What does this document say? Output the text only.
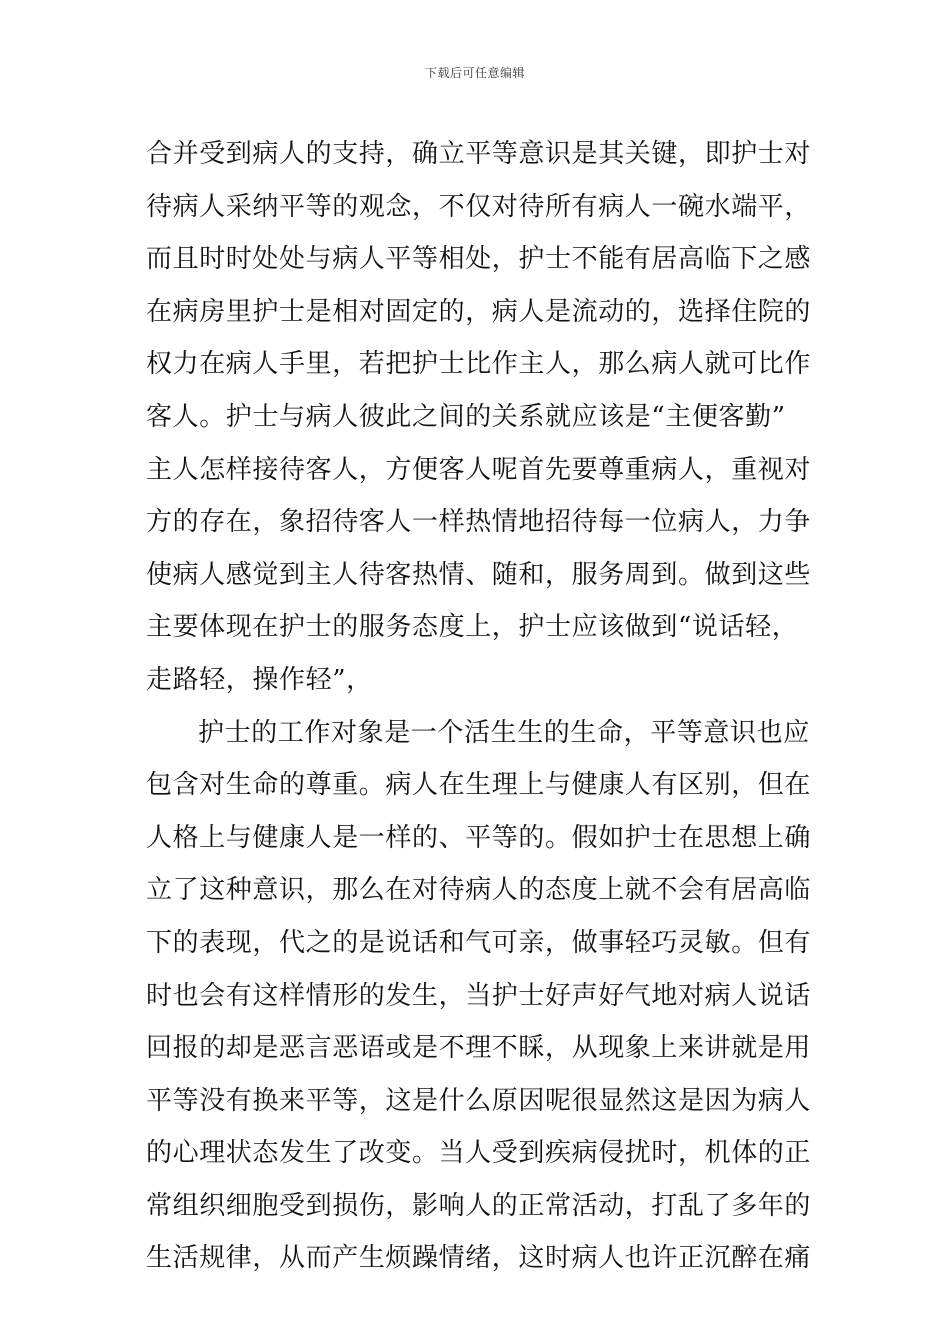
下载后可任意编辑
合并受到病人的支持，确立平等意识是其关键，即护士对
待病人采纳平等的观念，不仅对待所有病人一碗水端平，
而且时时处处与病人平等相处，护士不能有居高临下之感
在病房里护士是相对固定的，病人是流动的，选择住院的
权力在病人手里，若把护士比作主人，那么病人就可比作
客人。护士与病人彼此之间的关系就应该是“主便客勤”
主人怎样接待客人，方便客人呢首先要尊重病人，重视对
方的存在，象招待客人一样热情地招待每一位病人，力争
使病人感觉到主人待客热情、随和，服务周到。做到这些
主要体现在护士的服务态度上，护士应该做到“说话轻，
走路轻，操作轻”，
护士的工作对象是一个活生生的生命，平等意识也应
包含对生命的尊重。病人在生理上与健康人有区别，但在
人格上与健康人是一样的、平等的。假如护士在思想上确
立了这种意识，那么在对待病人的态度上就不会有居高临
下的表现，代之的是说话和气可亲，做事轻巧灵敏。但有
时也会有这样情形的发生，当护士好声好气地对病人说话
回报的却是恶言恶语或是不理不睬，从现象上来讲就是用
平等没有换来平等，这是什么原因呢很显然这是因为病人
的心理状态发生了改变。当人受到疾病侵扰时，机体的正
常组织细胞受到损伤，影响人的正常活动，打乱了多年的
生活规律，从而产生烦躁情绪，这时病人也许正沉醉在痛
